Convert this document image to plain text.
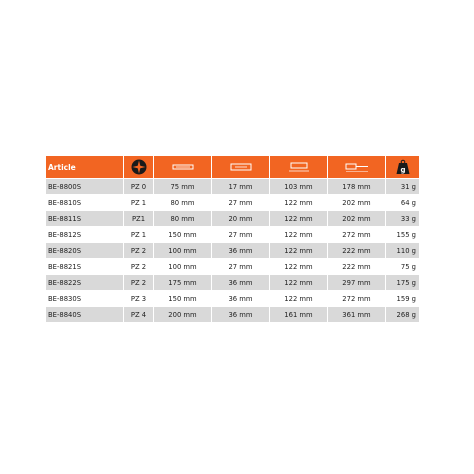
Article						g

BE-8800S	PZ 0	75 mm	17 mm	103 mm	178 mm	31 g
BE-8810S	PZ 1	80 mm	27 mm	122 mm	202 mm	64 g
BE-8811S	PZ1	80 mm	20 mm	122 mm	202 mm	33 g
BE-8812S	PZ 1	150 mm	27 mm	122 mm	272 mm	155 g
BE-8820S	PZ 2	100 mm	36 mm	122 mm	222 mm	110 g
BE-8821S	PZ 2	100 mm	27 mm	122 mm	222 mm	75 g
BE-8822S	PZ 2	175 mm	36 mm	122 mm	297 mm	175 g
BE-8830S	PZ 3	150 mm	36 mm	122 mm	272 mm	159 g
BE-8840S	PZ 4	200 mm	36 mm	161 mm	361 mm	268 g
